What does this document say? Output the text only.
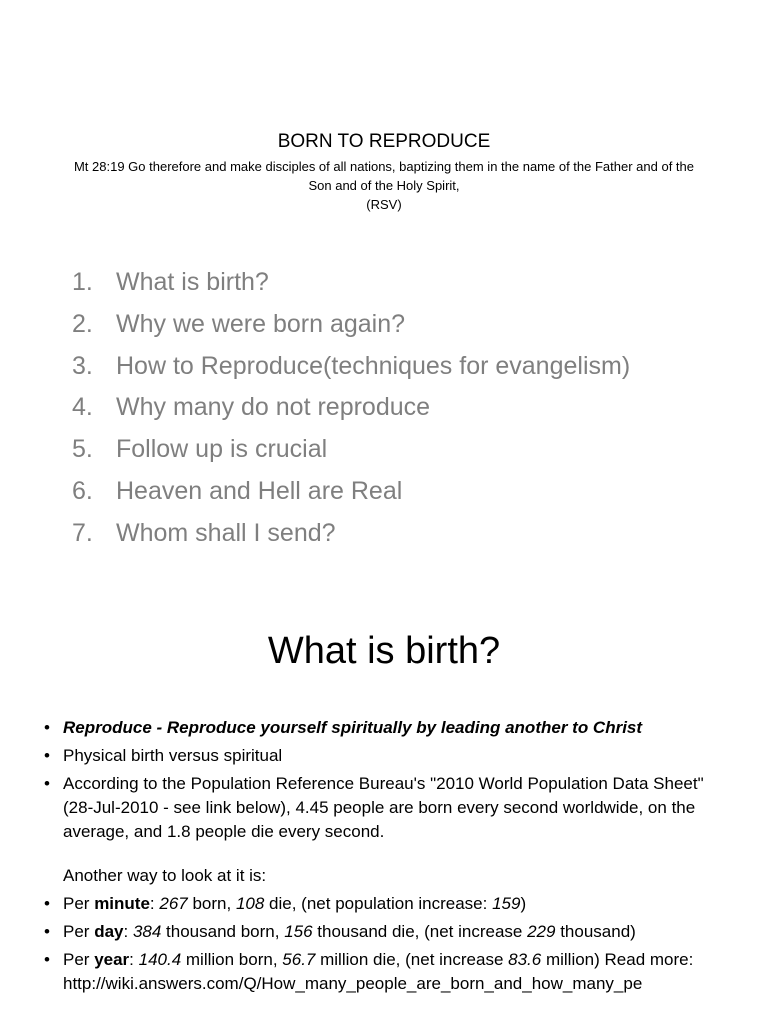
BORN TO REPRODUCE
Mt 28:19 Go therefore and make disciples of all nations, baptizing them in the name of the Father and of the Son and of the Holy Spirit,
(RSV)
1. What is birth?
2. Why we were born again?
3. How to Reproduce(techniques for evangelism)
4. Why many do not reproduce
5. Follow up is crucial
6. Heaven and Hell are Real
7. Whom shall I send?
What is birth?
• Reproduce - Reproduce yourself spiritually by leading another to Christ
• Physical birth versus spiritual
• According to the Population Reference Bureau's "2010 World Population Data Sheet" (28-Jul-2010 - see link below), 4.45 people are born every second worldwide, on the average, and 1.8 people die every second.
Another way to look at it is:
• Per minute: 267 born, 108 die, (net population increase: 159)
• Per day: 384 thousand born, 156 thousand die, (net increase 229 thousand)
• Per year: 140.4 million born, 56.7 million die, (net increase 83.6 million) Read more:
http://wiki.answers.com/Q/How_many_people_are_born_and_how_many_pe
